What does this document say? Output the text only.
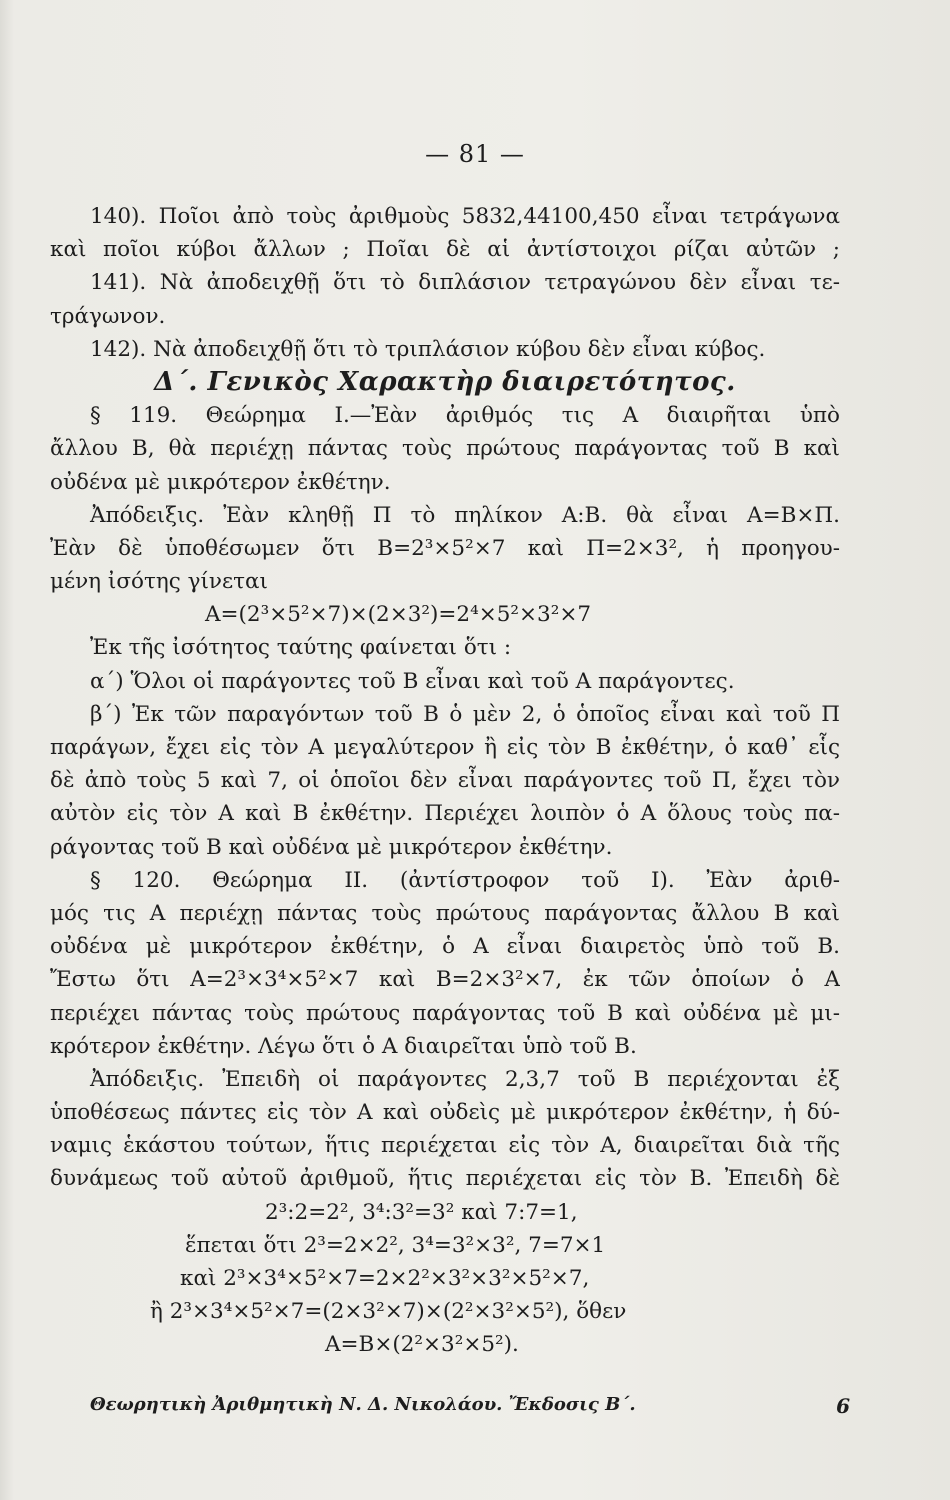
— 81 —
140). Ποῖοι ἀπὸ τοὺς ἀριθμοὺς 5832,44100,450 εἶναι τετράγωνα
καὶ ποῖοι κύβοι ἄλλων ; Ποῖαι δὲ αἱ ἀντίστοιχοι ρίζαι αὐτῶν ;
141). Νὰ ἀποδειχθῇ ὅτι τὸ διπλάσιον τετραγώνου δὲν εἶναι τε-
τράγωνον.
142). Νὰ ἀποδειχθῇ ὅτι τὸ τριπλάσιον κύβου δὲν εἶναι κύβος.
Δ΄. Γενικὸς Χαρακτὴρ διαιρετότητος.
§ 119. Θεώρημα Ι.—Ἐὰν ἀριθμός τις Α διαιρῆται ὑπὸ
ἄλλου Β, θὰ περιέχῃ πάντας τοὺς πρώτους παράγοντας τοῦ Β καὶ
οὐδένα μὲ μικρότερον ἐκθέτην.
Ἀπόδειξις. Ἐὰν κληθῇ Π τὸ πηλίκον Α:Β. θὰ εἶναι Α=Β×Π.
Ἐὰν δὲ ὑποθέσωμεν ὅτι Β=2³×5²×7 καὶ Π=2×3², ἡ προηγου-
μένη ἰσότης γίνεται
Α=(2³×5²×7)×(2×3²)=2⁴×5²×3²×7
Ἐκ τῆς ἰσότητος ταύτης φαίνεται ὅτι :
α΄) Ὅλοι οἱ παράγοντες τοῦ Β εἶναι καὶ τοῦ Α παράγοντες.
β΄) Ἐκ τῶν παραγόντων τοῦ Β ὁ μὲν 2, ὁ ὁποῖος εἶναι καὶ τοῦ Π
παράγων, ἔχει εἰς τὸν Α μεγαλύτερον ἢ εἰς τὸν Β ἐκθέτην, ὁ καθ᾿ εἷς
δὲ ἀπὸ τοὺς 5 καὶ 7, οἱ ὁποῖοι δὲν εἶναι παράγοντες τοῦ Π, ἔχει τὸν
αὐτὸν εἰς τὸν Α καὶ Β ἐκθέτην. Περιέχει λοιπὸν ὁ Α ὅλους τοὺς πα-
ράγοντας τοῦ Β καὶ οὐδένα μὲ μικρότερον ἐκθέτην.
§ 120. Θεώρημα ΙΙ. (ἀντίστροφον τοῦ Ι). Ἐὰν ἀριθ-
μός τις Α περιέχῃ πάντας τοὺς πρώτους παράγοντας ἄλλου Β καὶ
οὐδένα μὲ μικρότερον ἐκθέτην, ὁ Α εἶναι διαιρετὸς ὑπὸ τοῦ Β.
Ἔστω ὅτι Α=2³×3⁴×5²×7 καὶ Β=2×3²×7, ἐκ τῶν ὁποίων ὁ Α
περιέχει πάντας τοὺς πρώτους παράγοντας τοῦ Β καὶ οὐδένα μὲ μι-
κρότερον ἐκθέτην. Λέγω ὅτι ὁ Α διαιρεῖται ὑπὸ τοῦ Β.
Ἀπόδειξις. Ἐπειδὴ οἱ παράγοντες 2,3,7 τοῦ Β περιέχονται ἐξ
ὑποθέσεως πάντες εἰς τὸν Α καὶ οὐδεὶς μὲ μικρότερον ἐκθέτην, ἡ δύ-
ναμις ἑκάστου τούτων, ἥτις περιέχεται εἰς τὸν Α, διαιρεῖται διὰ τῆς
δυνάμεως τοῦ αὐτοῦ ἀριθμοῦ, ἥτις περιέχεται εἰς τὸν Β. Ἐπειδὴ δὲ
2³:2=2², 3⁴:3²=3² καὶ 7:7=1,
ἕπεται ὅτι 2³=2×2², 3⁴=3²×3², 7=7×1
καὶ 2³×3⁴×5²×7=2×2²×3²×3²×5²×7,
ἢ 2³×3⁴×5²×7=(2×3²×7)×(2²×3²×5²), ὅθεν
Α=Β×(2²×3²×5²).
Θεωρητικὴ Ἀριθμητικὴ Ν. Δ. Νικολάου. Ἔκδοσις Β΄.	6
